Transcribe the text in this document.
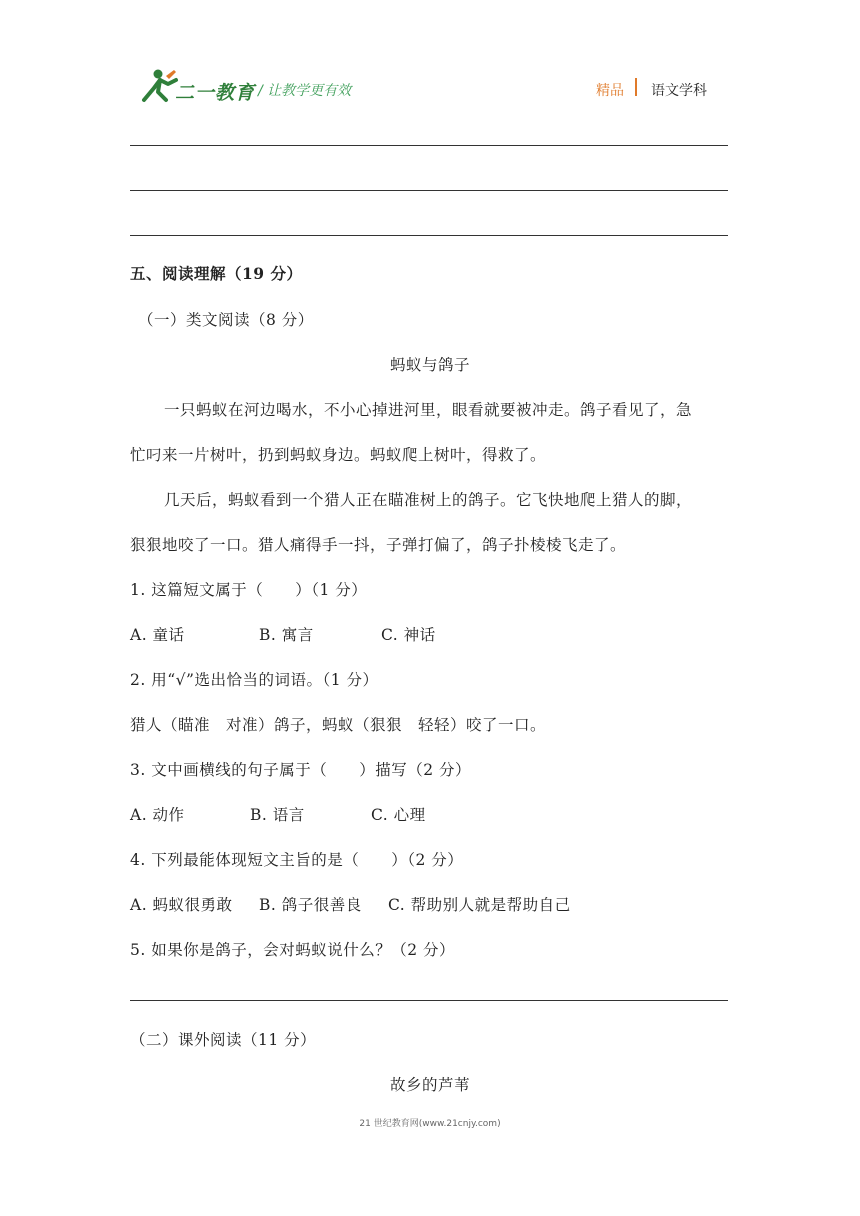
二一教育 / 让教学更有效	精品 语文学科
五、阅读理解（19 分）
（一）类文阅读（8 分）
蚂蚁与鸽子
一只蚂蚁在河边喝水，不小心掉进河里，眼看就要被冲走。鸽子看见了，急
忙叼来一片树叶，扔到蚂蚁身边。蚂蚁爬上树叶，得救了。
几天后，蚂蚁看到一个猎人正在瞄准树上的鸽子。它飞快地爬上猎人的脚，
狠狠地咬了一口。猎人痛得手一抖，子弹打偏了，鸽子扑棱棱飞走了。
1. 这篇短文属于（　　）（1 分）
A. 童话	B. 寓言	C. 神话
2. 用“√”选出恰当的词语。（1 分）
猎人（瞄准　对准）鸽子，蚂蚁（狠狠　轻轻）咬了一口。
3. 文中画横线的句子属于（　　）描写（2 分）
A. 动作	B. 语言	C. 心理
4. 下列最能体现短文主旨的是（　　）（2 分）
A. 蚂蚁很勇敢 B. 鸽子很善良 C. 帮助别人就是帮助自己
5. 如果你是鸽子，会对蚂蚁说什么？（2 分）
（二）课外阅读（11 分）
故乡的芦苇
21 世纪教育网(www.21cnjy.com)
